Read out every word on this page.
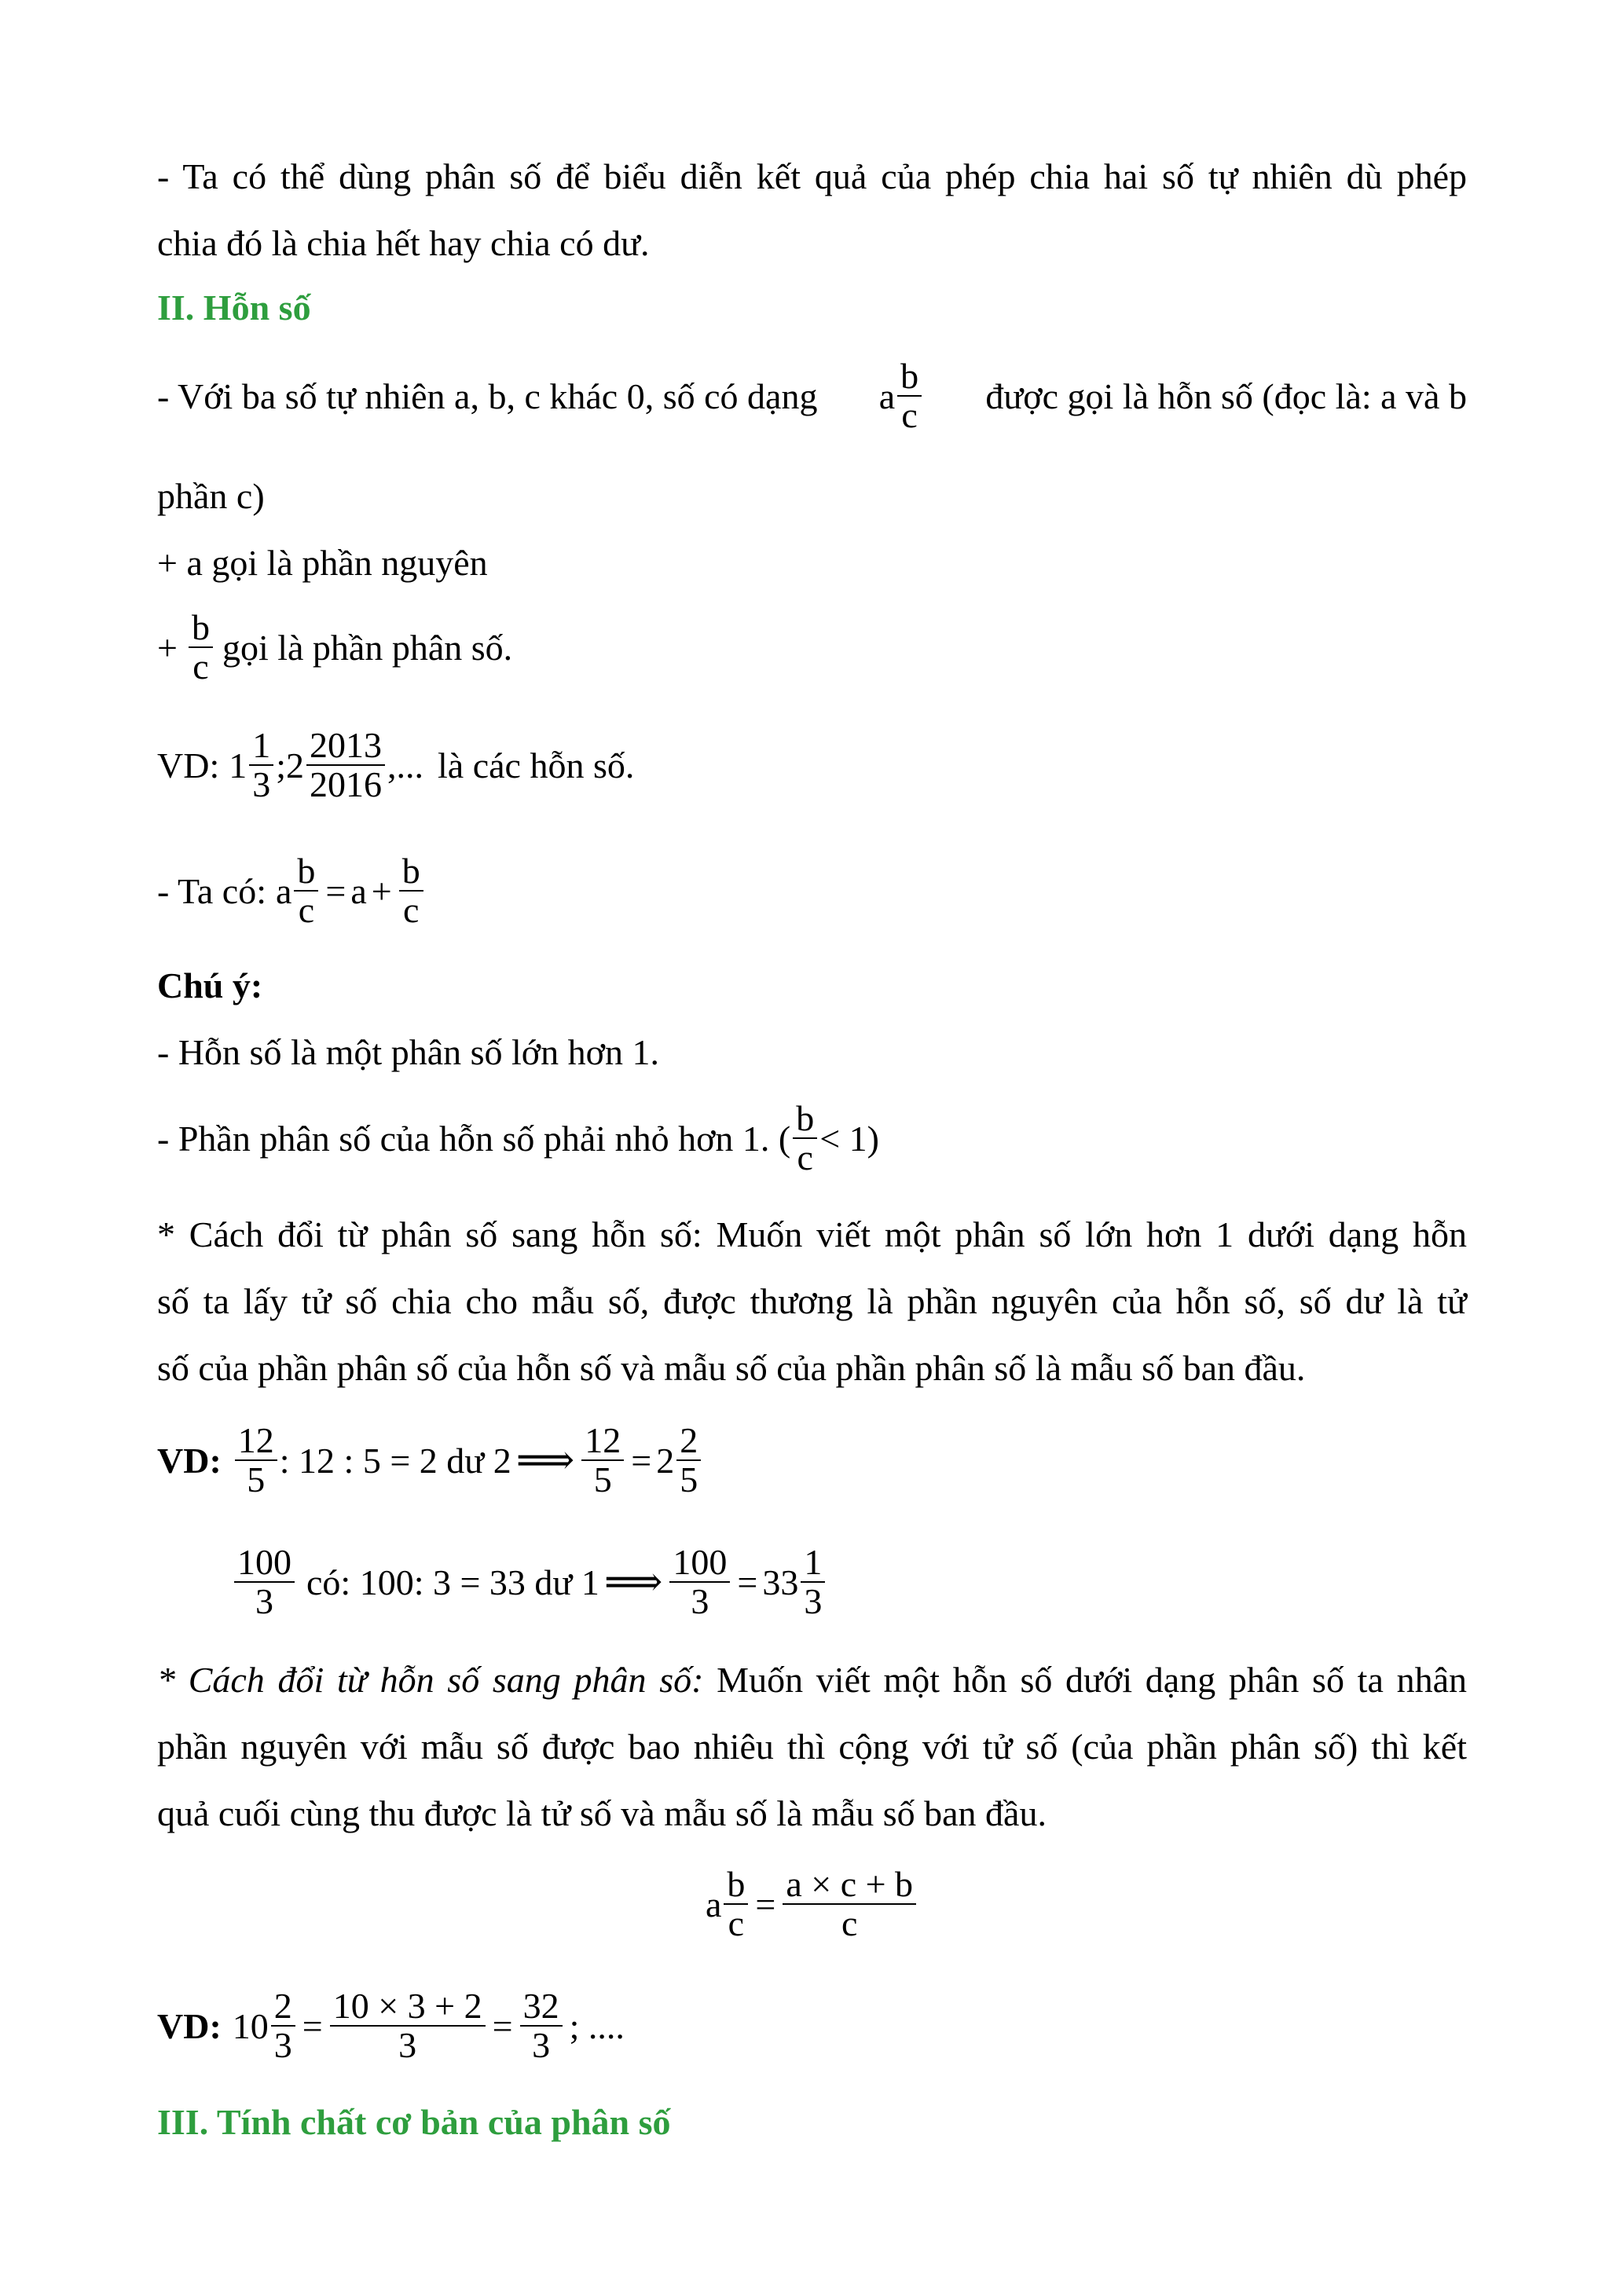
- Ta có thể dùng phân số để biểu diễn kết quả của phép chia hai số tự nhiên dù phép
chia đó là chia hết hay chia có dư.
II. Hỗn số
- Với ba số tự nhiên a, b, c khác 0, số có dạng a $\frac{b}{c}$ được gọi là hỗn số (đọc là: a và b
phần c)
+ a gọi là phần nguyên
+ $\frac{b}{c}$ gọi là phần phân số.
VD: $1 \frac{1}{3}$ ; $2 \frac{2013}{2016}$ ,... là các hỗn số.
- Ta có: a $\frac{b}{c} = a + \frac{b}{c}$
Chú ý:
- Hỗn số là một phân số lớn hơn 1.
- Phần phân số của hỗn số phải nhỏ hơn 1. ( $\frac{b}{c} < 1$)
* Cách đổi từ phân số sang hỗn số: Muốn viết một phân số lớn hơn 1 dưới dạng hỗn
số ta lấy tử số chia cho mẫu số, được thương là phần nguyên của hỗn số, số dư là tử
số của phần phân số của hỗn số và mẫu số của phần phân số là mẫu số ban đầu.
VD: $\frac{12}{5}$ : 12 : 5 = 2 dư 2 ⟹ $\frac{12}{5} = 2 \frac{2}{5}$
$\frac{100}{3}$ có: 100: 3 = 33 dư 1 ⟹ $\frac{100}{3} = 33 \frac{1}{3}$
* Cách đổi từ hỗn số sang phân số: Muốn viết một hỗn số dưới dạng phân số ta nhân
phần nguyên với mẫu số được bao nhiêu thì cộng với tử số (của phần phân số) thì kết
quả cuối cùng thu được là tử số và mẫu số là mẫu số ban đầu.
a $\frac{b}{c} = \frac{a \times c + b}{c}$
VD: $10 \frac{2}{3} = \frac{10 \times 3 + 2}{3} = \frac{32}{3}$ ; ....
III. Tính chất cơ bản của phân số
